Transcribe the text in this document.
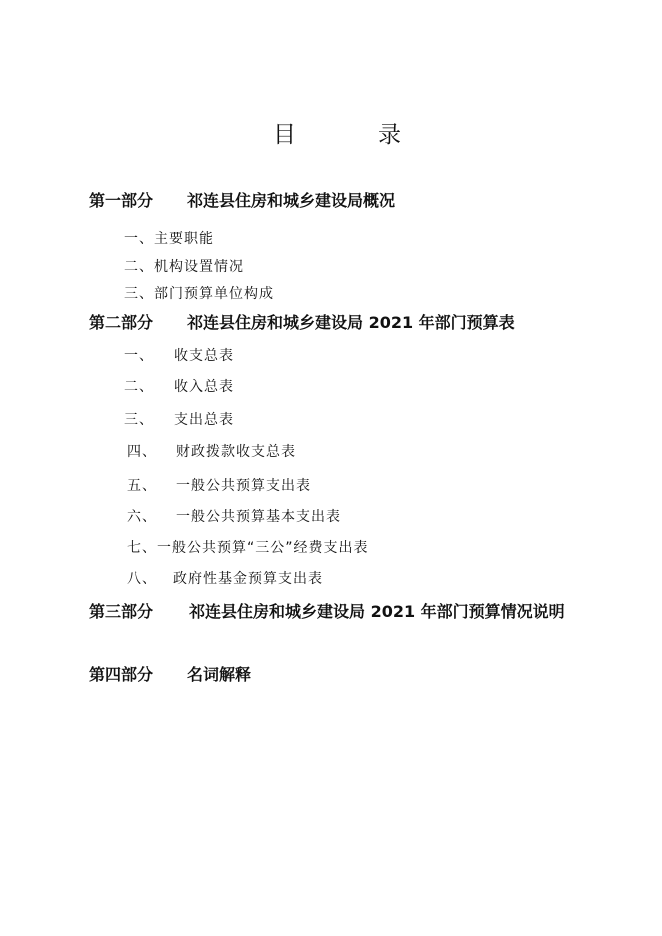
目	录
第一部分 祁连县住房和城乡建设局概况
一、主要职能
二、机构设置情况
三、部门预算单位构成
第二部分 祁连县住房和城乡建设局 2021 年部门预算表
一、 收支总表
二、 收入总表
三、 支出总表
四、 财政拨款收支总表
五、 一般公共预算支出表
六、 一般公共预算基本支出表
七、一般公共预算“三公”经费支出表
八、 政府性基金预算支出表
第三部分 祁连县住房和城乡建设局 2021 年部门预算情况说明
第四部分 名词解释
